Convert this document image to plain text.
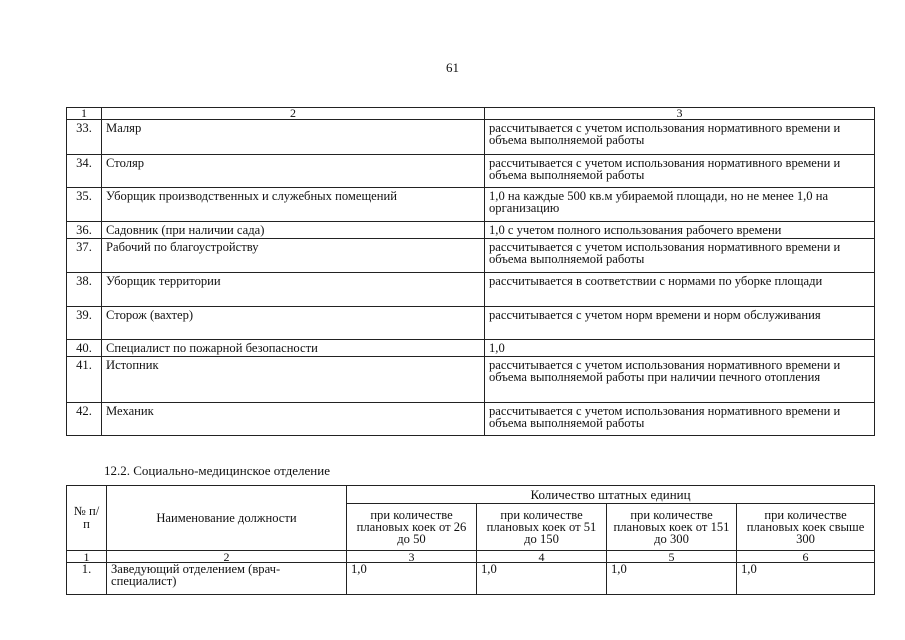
61
1	2	3
33.	Маляр	рассчитывается с учетом использования нормативного времени и объема выполняемой работы
34.	Столяр	рассчитывается с учетом использования нормативного времени и объема выполняемой работы
35.	Уборщик производственных и служебных помещений	1,0 на каждые 500 кв.м убираемой площади, но не менее 1,0 на организацию
36.	Садовник (при наличии сада)	1,0 с учетом полного использования рабочего времени
37.	Рабочий по благоустройству	рассчитывается с учетом использования нормативного времени и объема выполняемой работы
38.	Уборщик территории	рассчитывается в соответствии с нормами по уборке площади
39.	Сторож (вахтер)	рассчитывается с учетом норм времени и норм обслуживания
40.	Специалист по пожарной безопасности	1,0
41.	Истопник	рассчитывается с учетом использования нормативного времени и объема выполняемой работы при наличии печного отопления
42.	Механик	рассчитывается с учетом использования нормативного времени и объема выполняемой работы
12.2. Социально-медицинское отделение
№ п/п	Наименование должности	Количество штатных единиц			
		при количестве плановых коек от 26 до 50	при количестве плановых коек от 51 до 150	при количестве плановых коек от 151 до 300	при количестве плановых коек свыше 300
1	2	3	4	5	6
1.	Заведующий отделением (врач-специалист)	1,0	1,0	1,0	1,0
